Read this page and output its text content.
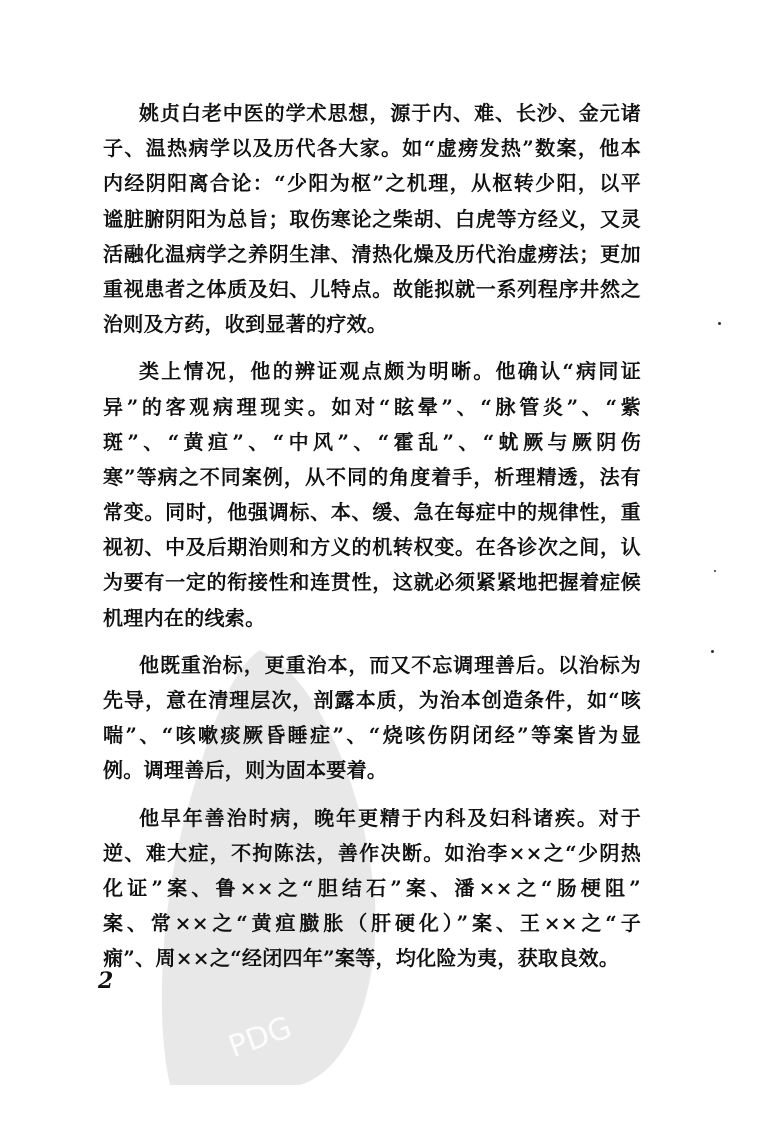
PDG
姚贞白老中医的学术思想，源于内、难、长沙、金元诸
子、温热病学以及历代各大家。如“虚痨发热”数案，他本
内经阴阳离合论：“少阳为枢”之机理，从枢转少阳，以平
谧脏腑阴阳为总旨；取伤寒论之柴胡、白虎等方经义，又灵
活融化温病学之养阴生津、清热化燥及历代治虚痨法；更加
重视患者之体质及妇、儿特点。故能拟就一系列程序井然之
治则及方药，收到显著的疗效。
类上情况，他的辨证观点颇为明晰。他确认“病同证
异”的客观病理现实。如对“眩晕”、“脉管炎”、“紫
斑”、“黄疸”、“中风”、“霍乱”、“蚘厥与厥阴伤
寒”等病之不同案例，从不同的角度着手，析理精透，法有
常变。同时，他强调标、本、缓、急在每症中的规律性，重
视初、中及后期治则和方义的机转权变。在各诊次之间，认
为要有一定的衔接性和连贯性，这就必须紧紧地把握着症候
机理内在的线索。
他既重治标，更重治本，而又不忘调理善后。以治标为
先导，意在清理层次，剖露本质，为治本创造条件，如“咳
喘”、“咳嗽痰厥昏睡症”、“烧咳伤阴闭经”等案皆为显
例。调理善后，则为固本要着。
他早年善治时病，晚年更精于内科及妇科诸疾。对于
逆、难大症，不拘陈法，善作决断。如治李××之“少阴热
化证”案、鲁××之“胆结石”案、潘××之“肠梗阻”
案、常××之“黄疸臌胀（肝硬化）”案、王××之“子
痫”、周××之“经闭四年”案等，均化险为夷，获取良效。
2
